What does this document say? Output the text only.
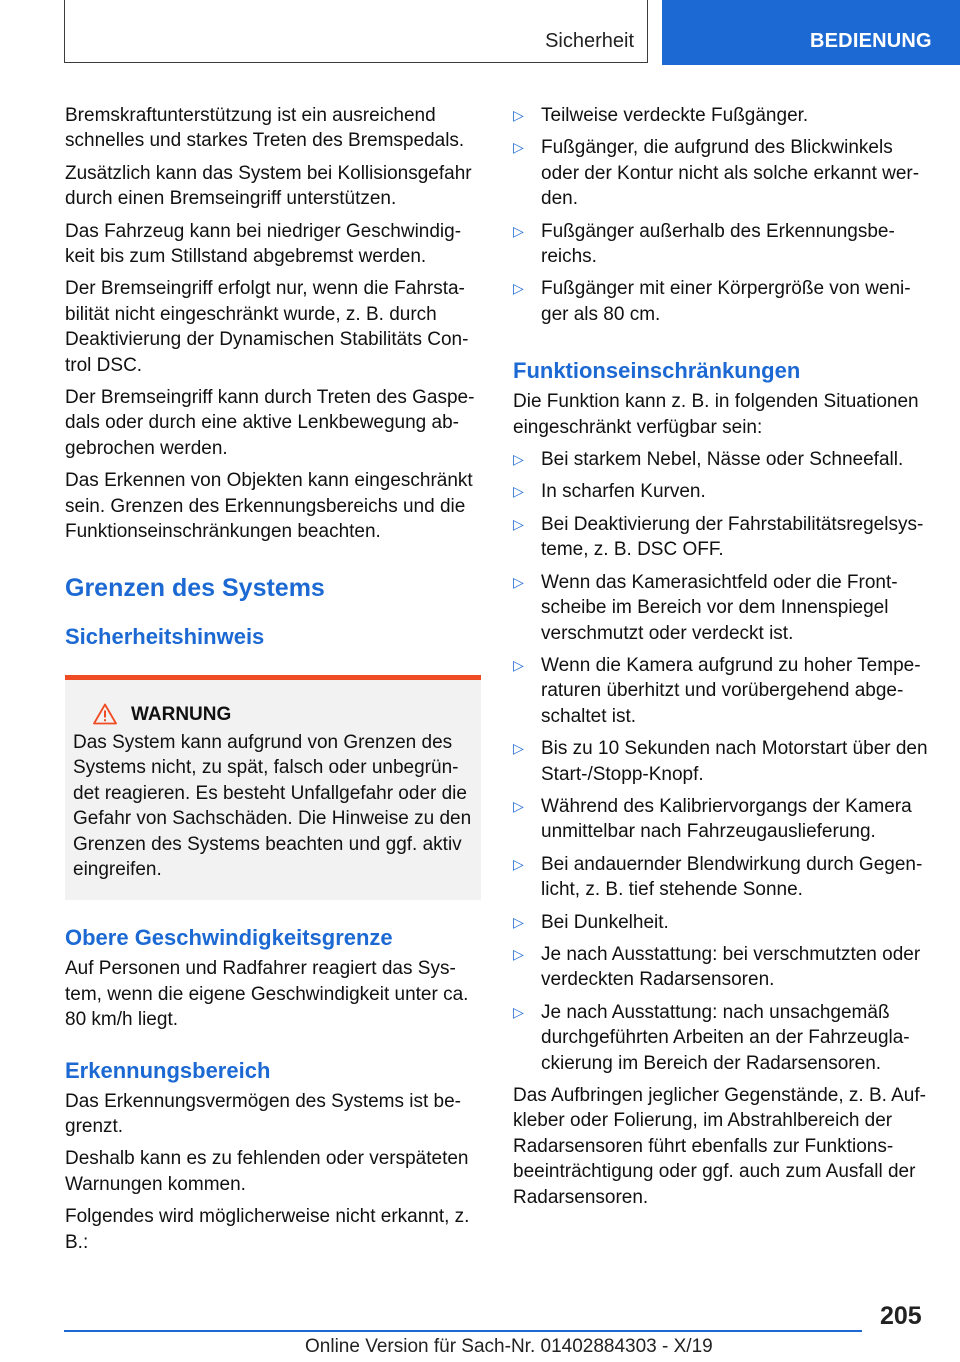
Sicherheit	BEDIENUNG

Bremskraftunterstützung ist ein ausreichend schnelles und starkes Treten des Bremspedals.

Zusätzlich kann das System bei Kollisionsgefahr durch einen Bremseingriff unterstützen.

Das Fahrzeug kann bei niedriger Geschwindig-keit bis zum Stillstand abgebremst werden.

Der Bremseingriff erfolgt nur, wenn die Fahrsta-bilität nicht eingeschränkt wurde, z. B. durch Deaktivierung der Dynamischen Stabilitäts Con-trol DSC.

Der Bremseingriff kann durch Treten des Gaspe-dals oder durch eine aktive Lenkbewegung ab-gebrochen werden.

Das Erkennen von Objekten kann eingeschränkt sein. Grenzen des Erkennungsbereichs und die Funktionseinschränkungen beachten.

Grenzen des Systems
Sicherheitshinweis
WARNUNG

Das System kann aufgrund von Grenzen des Systems nicht, zu spät, falsch oder unbegrün-det reagieren. Es besteht Unfallgefahr oder die Gefahr von Sachschäden. Die Hinweise zu den Grenzen des Systems beachten und ggf. aktiv eingreifen.

Obere Geschwindigkeitsgrenze

Auf Personen und Radfahrer reagiert das Sys-tem, wenn die eigene Geschwindigkeit unter ca. 80 km/h liegt.

Erkennungsbereich

Das Erkennungsvermögen des Systems ist be-grenzt.

Deshalb kann es zu fehlenden oder verspäteten Warnungen kommen.

Folgendes wird möglicherweise nicht erkannt, z. B.:

▷ Teilweise verdeckte Fußgänger.
▷ Fußgänger, die aufgrund des Blickwinkels oder der Kontur nicht als solche erkannt wer-den.
▷ Fußgänger außerhalb des Erkennungsbe-reichs.
▷ Fußgänger mit einer Körpergröße von weni-ger als 80 cm.
Funktionseinschränkungen

Die Funktion kann z. B. in folgenden Situationen eingeschränkt verfügbar sein:

▷ Bei starkem Nebel, Nässe oder Schneefall.
▷ In scharfen Kurven.
▷ Bei Deaktivierung der Fahrstabilitätsregelsys-teme, z. B. DSC OFF.
▷ Wenn das Kamerasichtfeld oder die Front-scheibe im Bereich vor dem Innenspiegel verschmutzt oder verdeckt ist.
▷ Wenn die Kamera aufgrund zu hoher Tempe-raturen überhitzt und vorübergehend abge-schaltet ist.
▷ Bis zu 10 Sekunden nach Motorstart über den Start-/Stopp-Knopf.
▷ Während des Kalibriervorgangs der Kamera unmittelbar nach Fahrzeugauslieferung.
▷ Bei andauernder Blendwirkung durch Gegen-licht, z. B. tief stehende Sonne.
▷ Bei Dunkelheit.
▷ Je nach Ausstattung: bei verschmutzten oder verdeckten Radarsensoren.
▷ Je nach Ausstattung: nach unsachgemäß durchgeführten Arbeiten an der Fahrzeugla-ckierung im Bereich der Radarsensoren.

Das Aufbringen jeglicher Gegenstände, z. B. Auf-kleber oder Folierung, im Abstrahlbereich der Radarsensoren führt ebenfalls zur Funktions-beeinträchtigung oder ggf. auch zum Ausfall der Radarsensoren.

205
Online Version für Sach-Nr. 01402884303 - X/19
